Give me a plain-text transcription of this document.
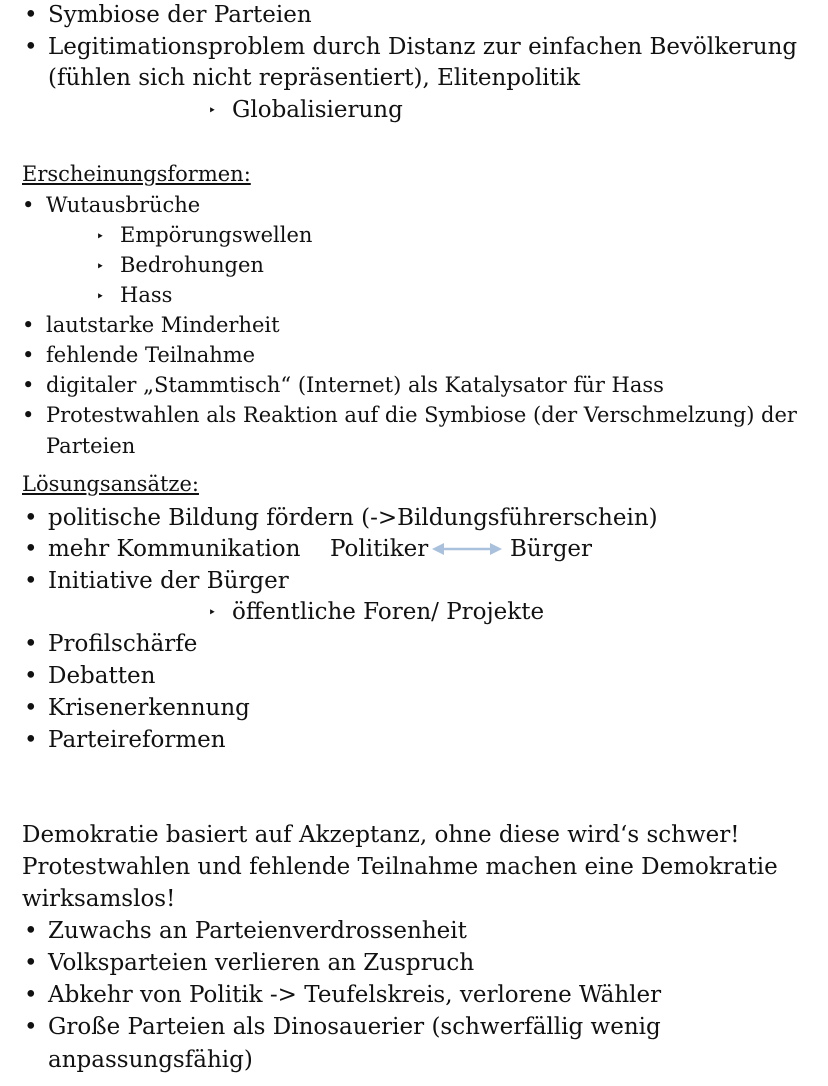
• Symbiose der Parteien
• Legitimationsproblem durch Distanz zur einfachen Bevölkerung
(fühlen sich nicht repräsentiert), Elitenpolitik
‣ Globalisierung
Erscheinungsformen:
• Wutausbrüche
‣ Empörungswellen
‣ Bedrohungen
‣ Hass
• lautstarke Minderheit
• fehlende Teilnahme
• digitaler „Stammtisch“ (Internet) als Katalysator für Hass
• Protestwahlen als Reaktion auf die Symbiose (der Verschmelzung) der
Parteien
Lösungsansätze:
• politische Bildung fördern (->Bildungsführerschein)
• mehr Kommunikation Politiker	Bürger
• Initiative der Bürger
‣ öffentliche Foren/ Projekte
• Profilschärfe
• Debatten
• Krisenerkennung
• Parteireformen
Demokratie basiert auf Akzeptanz, ohne diese wird‘s schwer!
Protestwahlen und fehlende Teilnahme machen eine Demokratie
wirksamslos!
• Zuwachs an Parteienverdrossenheit
• Volksparteien verlieren an Zuspruch
• Abkehr von Politik -> Teufelskreis, verlorene Wähler
• Große Parteien als Dinosauerier (schwerfällig wenig
anpassungsfähig)
